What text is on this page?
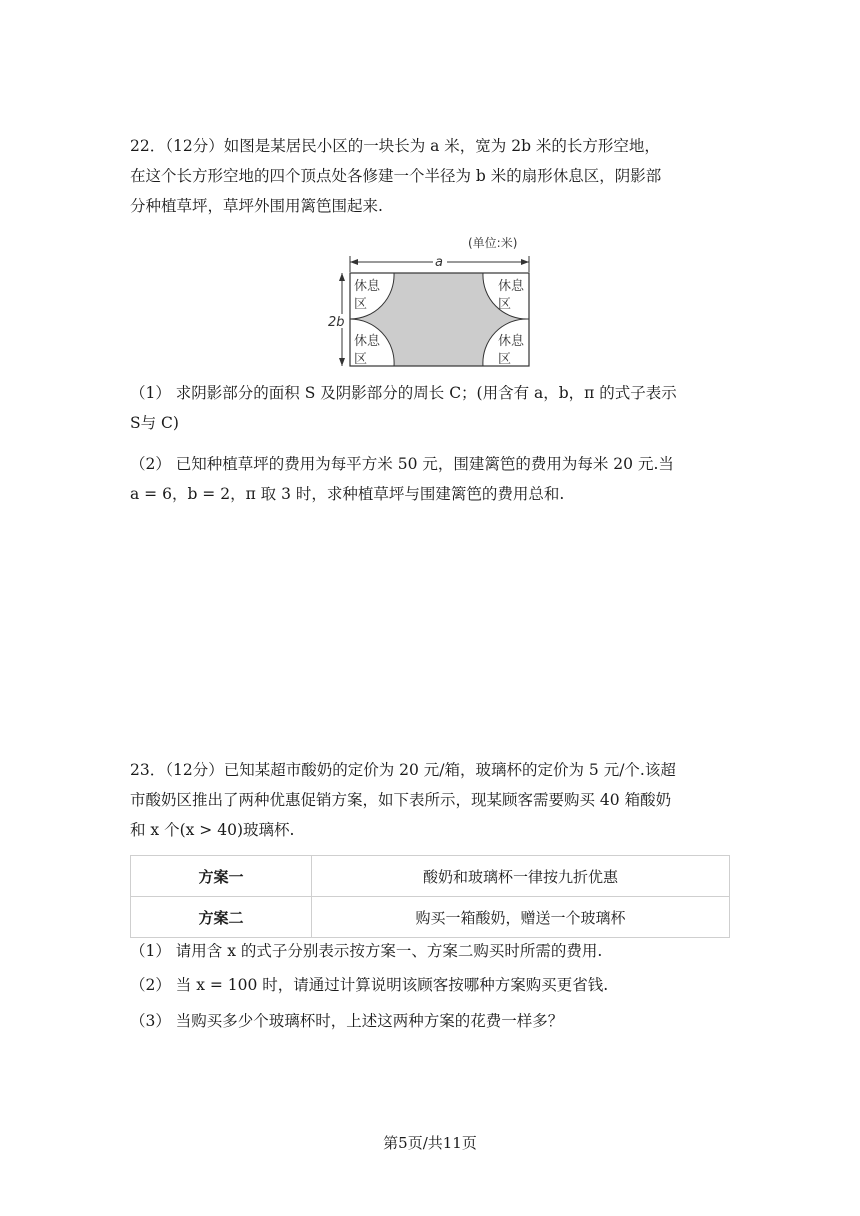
22．（12分）如图是某居民小区的一块长为 a 米，宽为 2b 米的长方形空地，
在这个长方形空地的四个顶点处各修建一个半径为 b 米的扇形休息区，阴影部
分种植草坪，草坪外围用篱笆围起来.
(单位:米)
a
2b
休息
区
休息
区
休息
区
休息
区
（1） 求阴影部分的面积 S 及阴影部分的周长 C；(用含有 a，b，π 的式子表示
S与 C)
（2） 已知种植草坪的费用为每平方米 50 元，围建篱笆的费用为每米 20 元.当
a = 6，b = 2，π 取 3 时，求种植草坪与围建篱笆的费用总和.
23．（12分）已知某超市酸奶的定价为 20 元/箱，玻璃杯的定价为 5 元/个.该超
市酸奶区推出了两种优惠促销方案，如下表所示，现某顾客需要购买 40 箱酸奶
和 x 个(x > 40)玻璃杯.
方案一	酸奶和玻璃杯一律按九折优惠
方案二	购买一箱酸奶，赠送一个玻璃杯
（1） 请用含 x 的式子分别表示按方案一、方案二购买时所需的费用.
（2） 当 x = 100 时，请通过计算说明该顾客按哪种方案购买更省钱.
（3） 当购买多少个玻璃杯时，上述这两种方案的花费一样多？
第5页/共11页
